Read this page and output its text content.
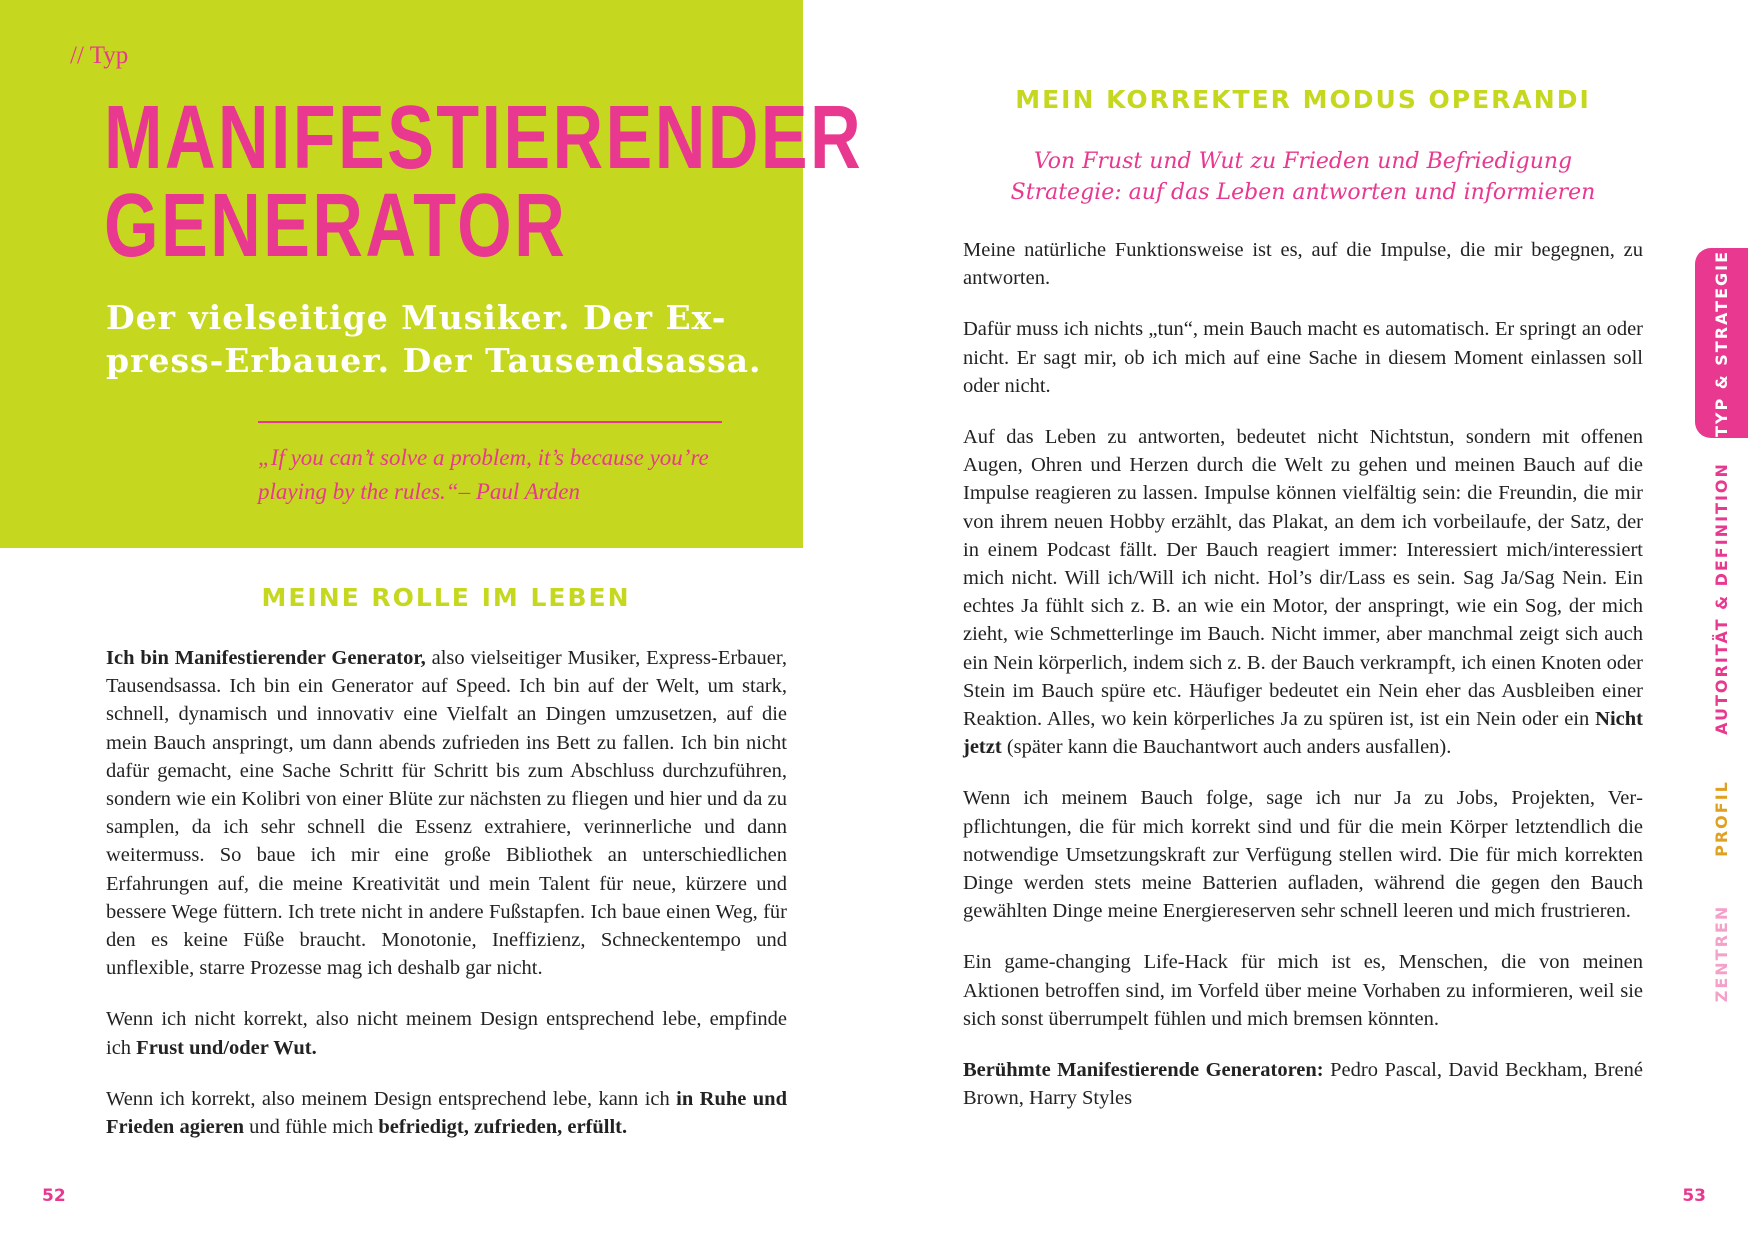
// Typ
MANIFESTIERENDER
GENERATOR
Der vielseitige Musiker. Der Ex-
press-Erbauer. Der Tausendsassa.

„If you can’t solve a problem, it’s because you’re
playing by the rules.“– Paul Arden

MEINE ROLLE IM LEBEN

Ich bin Manifestierender Generator, also vielseitiger Musiker, Express-Erbauer, Tausendsassa. Ich bin ein Generator auf Speed. Ich bin auf der Welt, um stark, schnell, dynamisch und innovativ eine Vielfalt an Dingen umzusetzen, auf die mein Bauch anspringt, um dann abends zufrieden ins Bett zu fallen. Ich bin nicht dafür gemacht, eine Sache Schritt für Schritt bis zum Abschluss durchzuführen, sondern wie ein Kolibri von einer Blüte zur nächsten zu fliegen und hier und da zu samplen, da ich sehr schnell die Essenz extrahiere, verinnerliche und dann weitermuss. So baue ich mir eine große Bibliothek an unterschiedlichen Erfahrungen auf, die meine Kreativität und mein Talent für neue, kürzere und bessere Wege füttern. Ich trete nicht in andere Fußstapfen. Ich baue einen Weg, für den es keine Füße braucht. Monotonie, Ineffizienz, Schneckentempo und unflexible, starre Prozesse mag ich deshalb gar nicht.

Wenn ich nicht korrekt, also nicht meinem Design entsprechend lebe, empfinde ich Frust und/oder Wut.

Wenn ich korrekt, also meinem Design entsprechend lebe, kann ich in Ruhe und Frieden agieren und fühle mich befriedigt, zufrieden, erfüllt.

52
MEIN KORREKTER MODUS OPERANDI

Von Frust und Wut zu Frieden und Befriedigung
Strategie: auf das Leben antworten und informieren

Meine natürliche Funktionsweise ist es, auf die Impulse, die mir begegnen, zu antworten.

Dafür muss ich nichts „tun“, mein Bauch macht es automatisch. Er springt an oder nicht. Er sagt mir, ob ich mich auf eine Sache in diesem Moment einlassen soll oder nicht.

Auf das Leben zu antworten, bedeutet nicht Nichtstun, sondern mit offenen Augen, Ohren und Herzen durch die Welt zu gehen und meinen Bauch auf die Impulse reagieren zu lassen. Impulse können vielfältig sein: die Freundin, die mir von ihrem neuen Hobby erzählt, das Plakat, an dem ich vorbeilaufe, der Satz, der in einem Podcast fällt. Der Bauch reagiert immer: Interessiert mich/interessiert mich nicht. Will ich/Will ich nicht. Hol’s dir/Lass es sein. Sag Ja/Sag Nein. Ein echtes Ja fühlt sich z. B. an wie ein Motor, der anspringt, wie ein Sog, der mich zieht, wie Schmetterlinge im Bauch. Nicht immer, aber manchmal zeigt sich auch ein Nein körperlich, indem sich z. B. der Bauch verkrampft, ich einen Knoten oder Stein im Bauch spüre etc. Häufiger bedeutet ein Nein eher das Ausbleiben einer Reaktion. Alles, wo kein körperliches Ja zu spüren ist, ist ein Nein oder ein Nicht jetzt (später kann die Bauchantwort auch anders ausfallen).

Wenn ich meinem Bauch folge, sage ich nur Ja zu Jobs, Projekten, Verpflichtungen, die für mich korrekt sind und für die mein Körper letztendlich die notwendige Umsetzungskraft zur Verfügung stellen wird. Die für mich korrekten Dinge werden stets meine Batterien aufladen, während die gegen den Bauch gewählten Dinge meine Energiereserven sehr schnell leeren und mich frustrieren.

Ein game-changing Life-Hack für mich ist es, Menschen, die von meinen Aktionen betroffen sind, im Vorfeld über meine Vorhaben zu informieren, weil sie sich sonst überrumpelt fühlen und mich bremsen könnten.

Berühmte Manifestierende Generatoren: Pedro Pascal, David Beckham, Brené Brown, Harry Styles

53
TYP & STRATEGIE
AUTORITÄT & DEFINITION
PROFIL
ZENTREN
